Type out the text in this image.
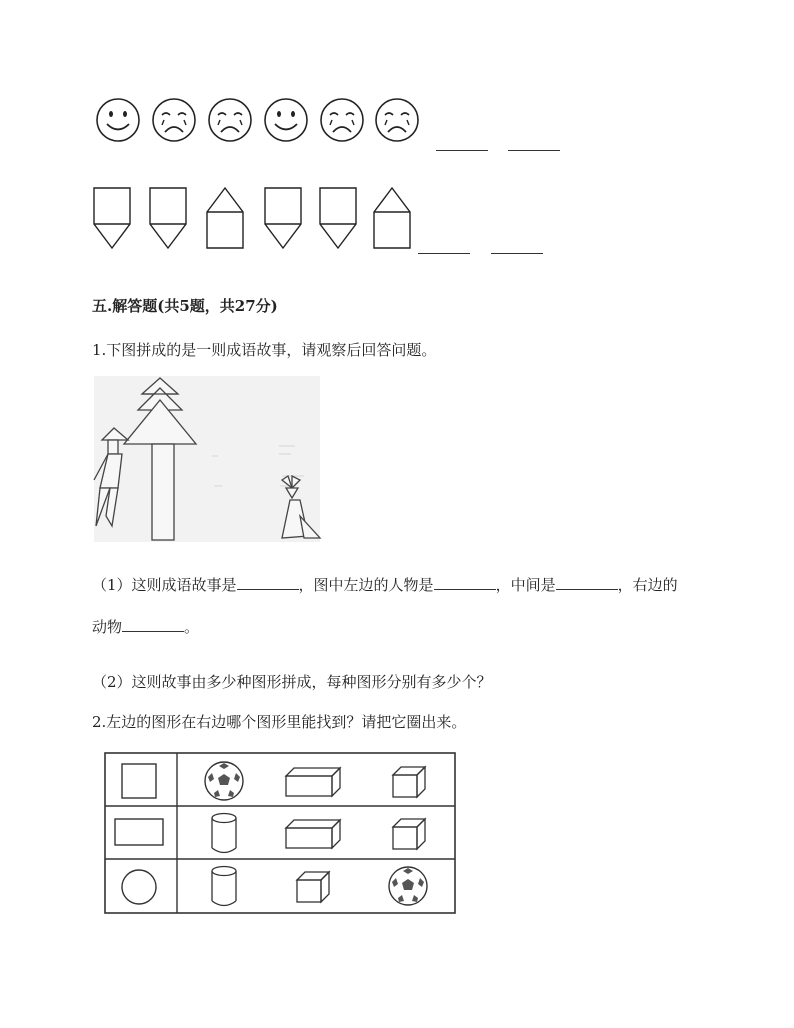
五.解答题(共5题，共27分)
1.下图拼成的是一则成语故事，请观察后回答问题。
（1）这则成语故事是	，图中左边的人物是	，中间是	，右边的
动物	。
（2）这则故事由多少种图形拼成，每种图形分别有多少个？
2.左边的图形在右边哪个图形里能找到？请把它圈出来。
